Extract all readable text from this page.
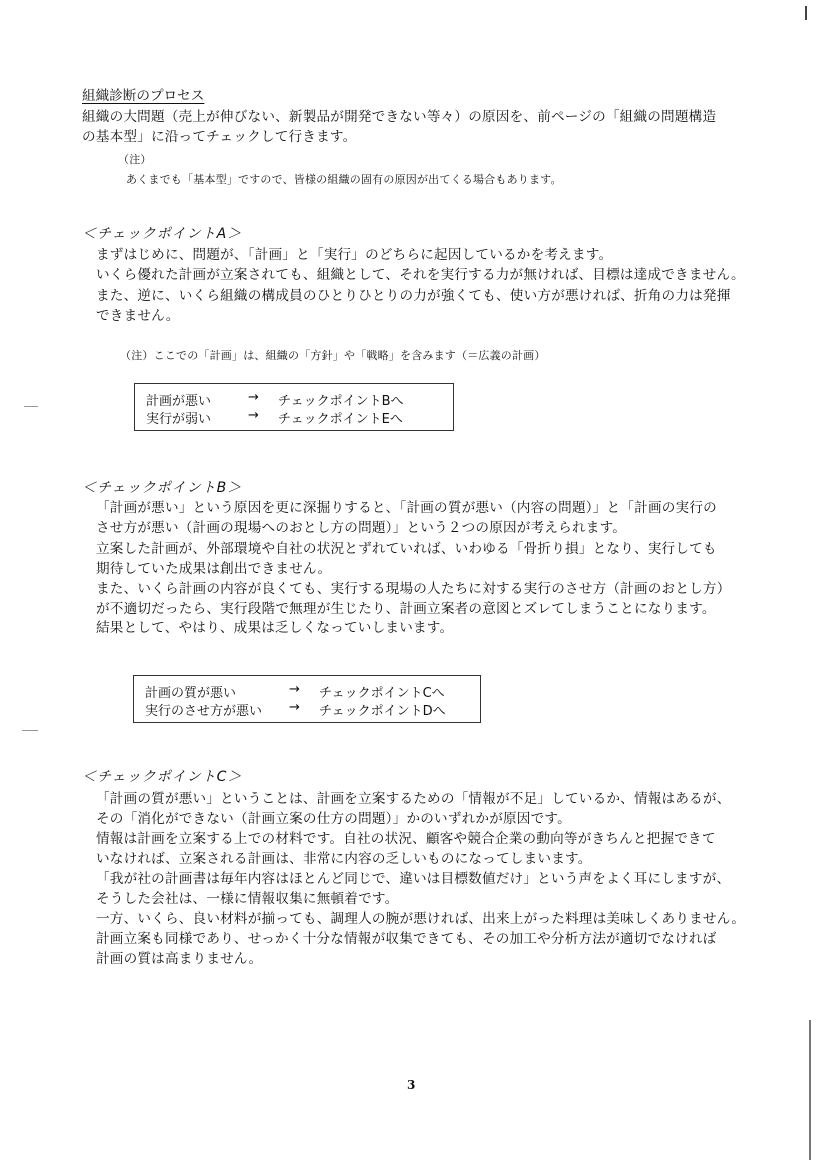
組織診断のプロセス
組織の大問題（売上が伸びない、新製品が開発できない等々）の原因を、前ページの「組織の問題構造
の基本型」に沿ってチェックして行きます。
（注）
あくまでも「基本型」ですので、皆様の組織の固有の原因が出てくる場合もあります。
＜チェックポイントA＞
まずはじめに、問題が、「計画」と「実行」のどちらに起因しているかを考えます。
いくら優れた計画が立案されても、組織として、それを実行する力が無ければ、目標は達成できません。
また、逆に、いくら組織の構成員のひとりひとりの力が強くても、使い方が悪ければ、折角の力は発揮
できません。
（注）ここでの「計画」は、組織の「方針」や「戦略」を含みます（＝広義の計画）
計画が悪い	→ チェックポイントBへ
実行が弱い	→ チェックポイントEへ
＜チェックポイントB＞
「計画が悪い」という原因を更に深掘りすると、「計画の質が悪い（内容の問題）」と「計画の実行の
させ方が悪い（計画の現場へのおとし方の問題）」という２つの原因が考えられます。
立案した計画が、外部環境や自社の状況とずれていれば、いわゆる「骨折り損」となり、実行しても
期待していた成果は創出できません。
また、いくら計画の内容が良くても、実行する現場の人たちに対する実行のさせ方（計画のおとし方）
が不適切だったら、実行段階で無理が生じたり、計画立案者の意図とズレてしまうことになります。
結果として、やはり、成果は乏しくなっていしまいます。
計画の質が悪い	→ チェックポイントCへ
実行のさせ方が悪い → チェックポイントDへ
＜チェックポイントC＞
「計画の質が悪い」ということは、計画を立案するための「情報が不足」しているか、情報はあるが、
その「消化ができない（計画立案の仕方の問題）」かのいずれかが原因です。
情報は計画を立案する上での材料です。自社の状況、顧客や競合企業の動向等がきちんと把握できて
いなければ、立案される計画は、非常に内容の乏しいものになってしまいます。
「我が社の計画書は毎年内容はほとんど同じで、違いは目標数値だけ」という声をよく耳にしますが、
そうした会社は、一様に情報収集に無頓着です。
一方、いくら、良い材料が揃っても、調理人の腕が悪ければ、出来上がった料理は美味しくありません。
計画立案も同様であり、せっかく十分な情報が収集できても、その加工や分析方法が適切でなければ
計画の質は高まりません。
3
